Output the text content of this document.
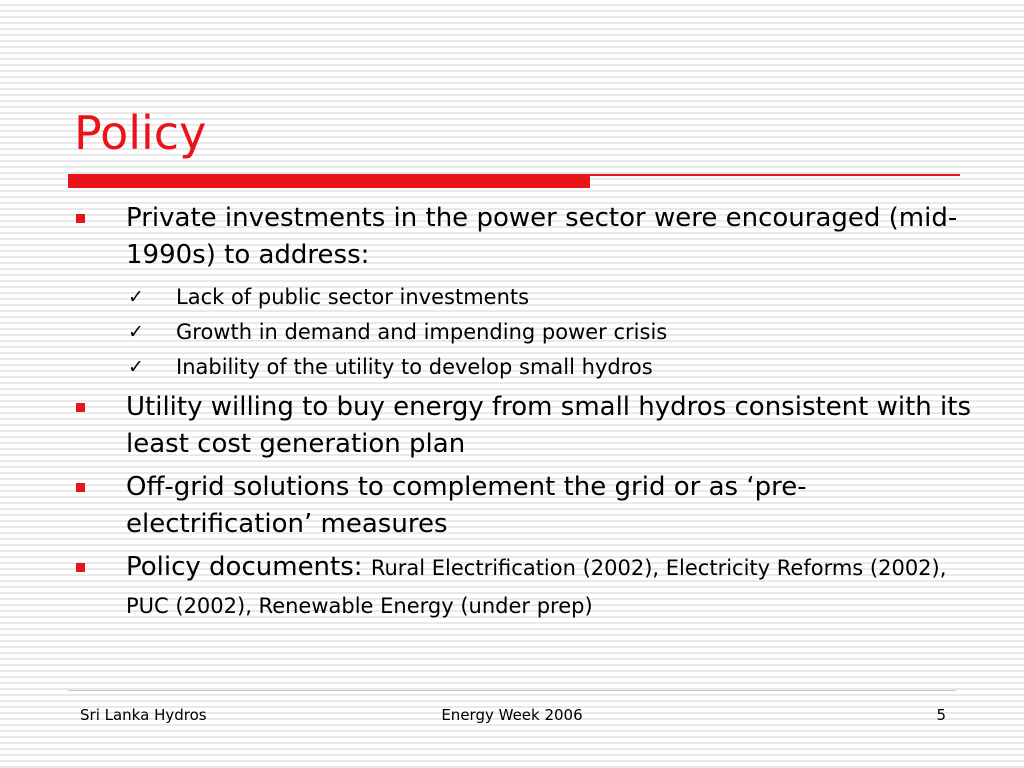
Policy
Private investments in the power sector were encouraged (mid-1990s) to address:
✓ Lack of public sector investments
✓ Growth in demand and impending power crisis
✓ Inability of the utility to develop small hydros
Utility willing to buy energy from small hydros consistent with its least cost generation plan
Off-grid solutions to complement the grid or as ‘pre-electrification’ measures
Policy documents: Rural Electrification (2002), Electricity Reforms (2002), PUC (2002), Renewable Energy (under prep)
Sri Lanka Hydros	Energy Week 2006	5
